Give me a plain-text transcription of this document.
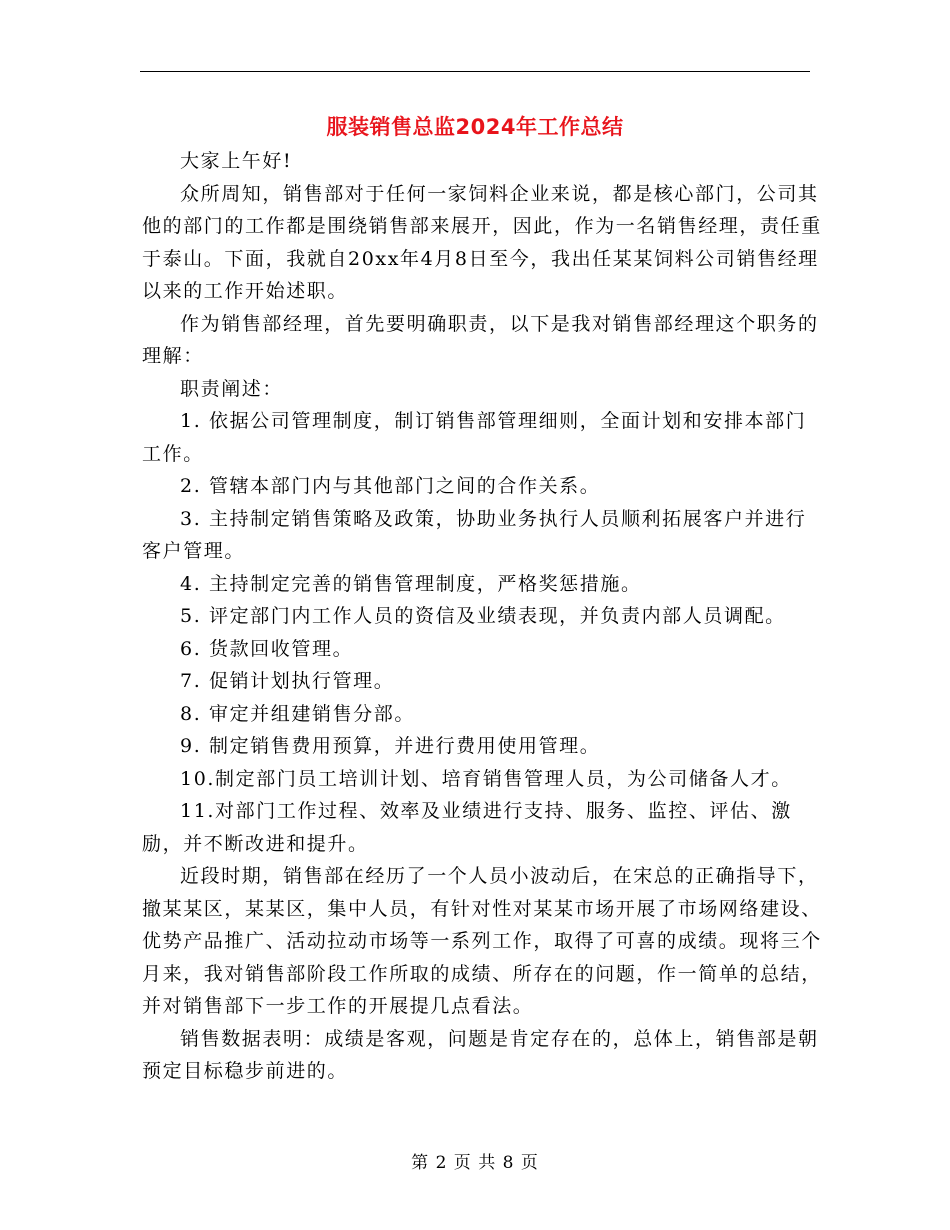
服装销售总监2024年工作总结

大家上午好!

众所周知，销售部对于任何一家饲料企业来说，都是核心部门，公司其他的部门的工作都是围绕销售部来展开，因此，作为一名销售经理，责任重于泰山。下面，我就自20xx年4月8日至今，我出任某某饲料公司销售经理以来的工作开始述职。

作为销售部经理，首先要明确职责，以下是我对销售部经理这个职务的理解：

职责阐述：

1. 依据公司管理制度，制订销售部管理细则，全面计划和安排本部门工作。

2. 管辖本部门内与其他部门之间的合作关系。

3. 主持制定销售策略及政策，协助业务执行人员顺利拓展客户并进行客户管理。

4. 主持制定完善的销售管理制度，严格奖惩措施。

5. 评定部门内工作人员的资信及业绩表现，并负责内部人员调配。

6. 货款回收管理。

7. 促销计划执行管理。

8. 审定并组建销售分部。

9. 制定销售费用预算，并进行费用使用管理。

10.制定部门员工培训计划、培育销售管理人员，为公司储备人才。

11.对部门工作过程、效率及业绩进行支持、服务、监控、评估、激励，并不断改进和提升。

近段时期，销售部在经历了一个人员小波动后，在宋总的正确指导下，撤某某区，某某区，集中人员，有针对性对某某市场开展了市场网络建设、优势产品推广、活动拉动市场等一系列工作，取得了可喜的成绩。现将三个月来，我对销售部阶段工作所取的成绩、所存在的问题，作一简单的总结，并对销售部下一步工作的开展提几点看法。

销售数据表明：成绩是客观，问题是肯定存在的，总体上，销售部是朝预定目标稳步前进的。

第 2 页 共 8 页
